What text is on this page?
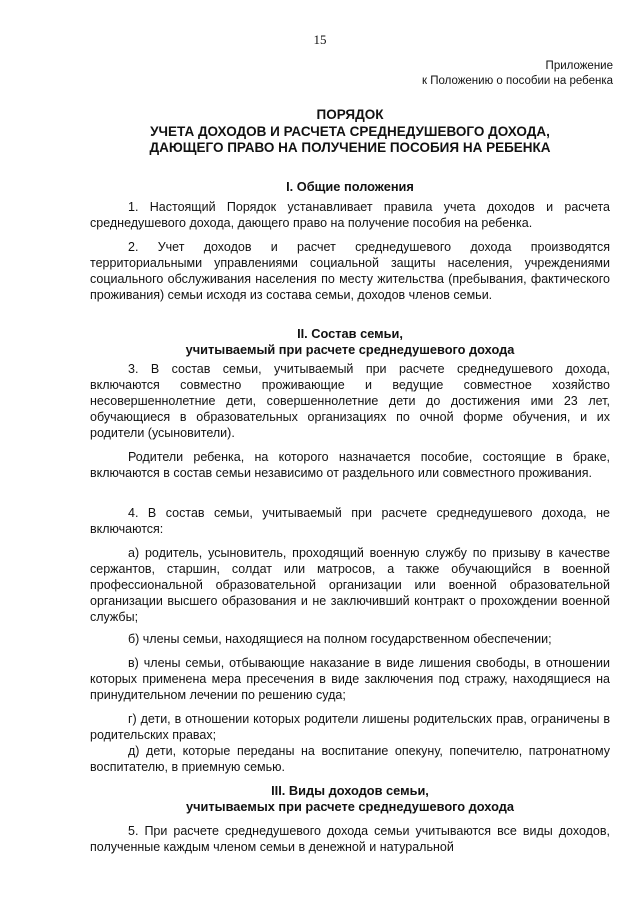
15
Приложение
к Положению о пособии на ребенка
ПОРЯДОК
УЧЕТА ДОХОДОВ И РАСЧЕТА СРЕДНЕДУШЕВОГО ДОХОДА,
ДАЮЩЕГО ПРАВО НА ПОЛУЧЕНИЕ ПОСОБИЯ НА РЕБЕНКА
I. Общие положения

1. Настоящий Порядок устанавливает правила учета доходов и расчета среднедушевого дохода, дающего право на получение пособия на ребенка.

2. Учет доходов и расчет среднедушевого дохода производятся территориальными управлениями социальной защиты населения, учреждениями социального обслуживания населения по месту жительства (пребывания, фактического проживания) семьи исходя из состава семьи, доходов членов семьи.

II. Состав семьи,
учитываемый при расчете среднедушевого дохода

3. В состав семьи, учитываемый при расчете среднедушевого дохода, включаются совместно проживающие и ведущие совместное хозяйство несовершеннолетние дети, совершеннолетние дети до достижения ими 23 лет, обучающиеся в образовательных организациях по очной форме обучения, и их родители (усыновители).

Родители ребенка, на которого назначается пособие, состоящие в браке, включаются в состав семьи независимо от раздельного или совместного проживания.

4. В состав семьи, учитываемый при расчете среднедушевого дохода, не включаются:

а) родитель, усыновитель, проходящий военную службу по призыву в качестве сержантов, старшин, солдат или матросов, а также обучающийся в военной профессиональной образовательной организации или военной образовательной организации высшего образования и не заключивший контракт о прохождении военной службы;

б) члены семьи, находящиеся на полном государственном обеспечении;

в) члены семьи, отбывающие наказание в виде лишения свободы, в отношении которых применена мера пресечения в виде заключения под стражу, находящиеся на принудительном лечении по решению суда;

г) дети, в отношении которых родители лишены родительских прав, ограничены в родительских правах;

д) дети, которые переданы на воспитание опекуну, попечителю, патронатному воспитателю, в приемную семью.

III. Виды доходов семьи,
учитываемых при расчете среднедушевого дохода

5. При расчете среднедушевого дохода семьи учитываются все виды доходов, полученные каждым членом семьи в денежной и натуральной
